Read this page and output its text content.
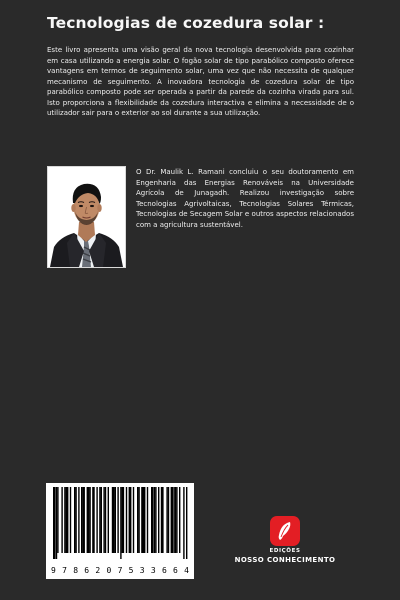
Tecnologias de cozedura solar :

Este livro apresenta uma visão geral da nova tecnologia desenvolvida para cozinhar em casa utilizando a energia solar. O fogão solar de tipo parabólico composto oferece vantagens em termos de seguimento solar, uma vez que não necessita de qualquer mecanismo de seguimento. A inovadora tecnologia de cozedura solar de tipo parabólico composto pode ser operada a partir da parede da cozinha virada para sul. Isto proporciona a flexibilidade da cozedura interactiva e elimina a necessidade de o utilizador sair para o exterior ao sol durante a sua utilização.

O Dr. Maulik L. Ramani concluiu o seu doutoramento em Engenharia das Energias Renováveis na Universidade Agrícola de Junagadh. Realizou investigação sobre Tecnologias Agrivoltaicas, Tecnologias Solares Térmicas, Tecnologias de Secagem Solar e outros aspectos relacionados com a agricultura sustentável.
9 7 8 6 2 0 7 5 3 3 6 6 4
EDIÇÕES
NOSSO CONHECIMENTO
